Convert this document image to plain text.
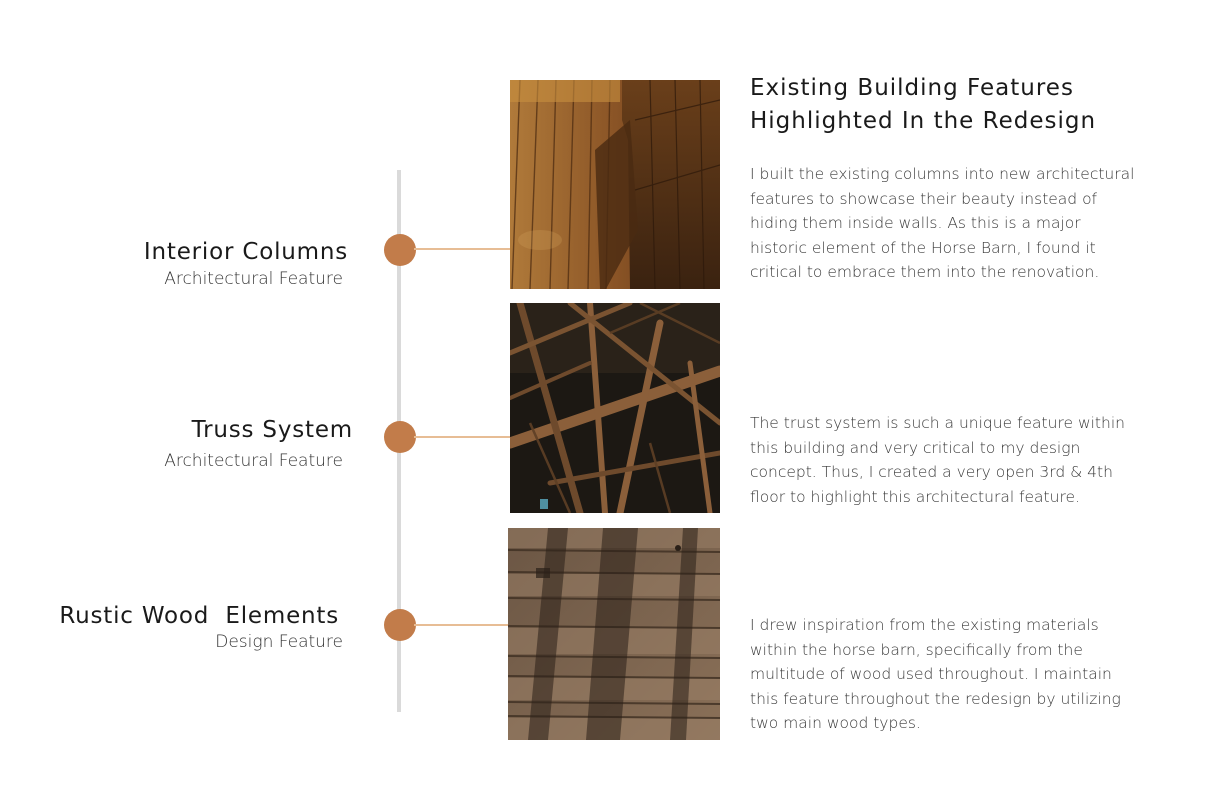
Interior Columns
Architectural Feature
Truss System
Architectural Feature
Rustic Wood  Elements
Design Feature
Existing Building Features
Highlighted In the Redesign
I built the existing columns into new architectural features to showcase their beauty instead of hiding them inside walls. As this is a major historic element of the Horse Barn, I found it critical to embrace them into the renovation.
The trust system is such a unique feature within this building and very critical to my design concept. Thus, I created a very open 3rd & 4th floor to highlight this architectural feature.
I drew inspiration from the existing materials within the horse barn, specifically from the multitude of wood used throughout. I maintain this feature throughout the redesign by utilizing two main wood types.
